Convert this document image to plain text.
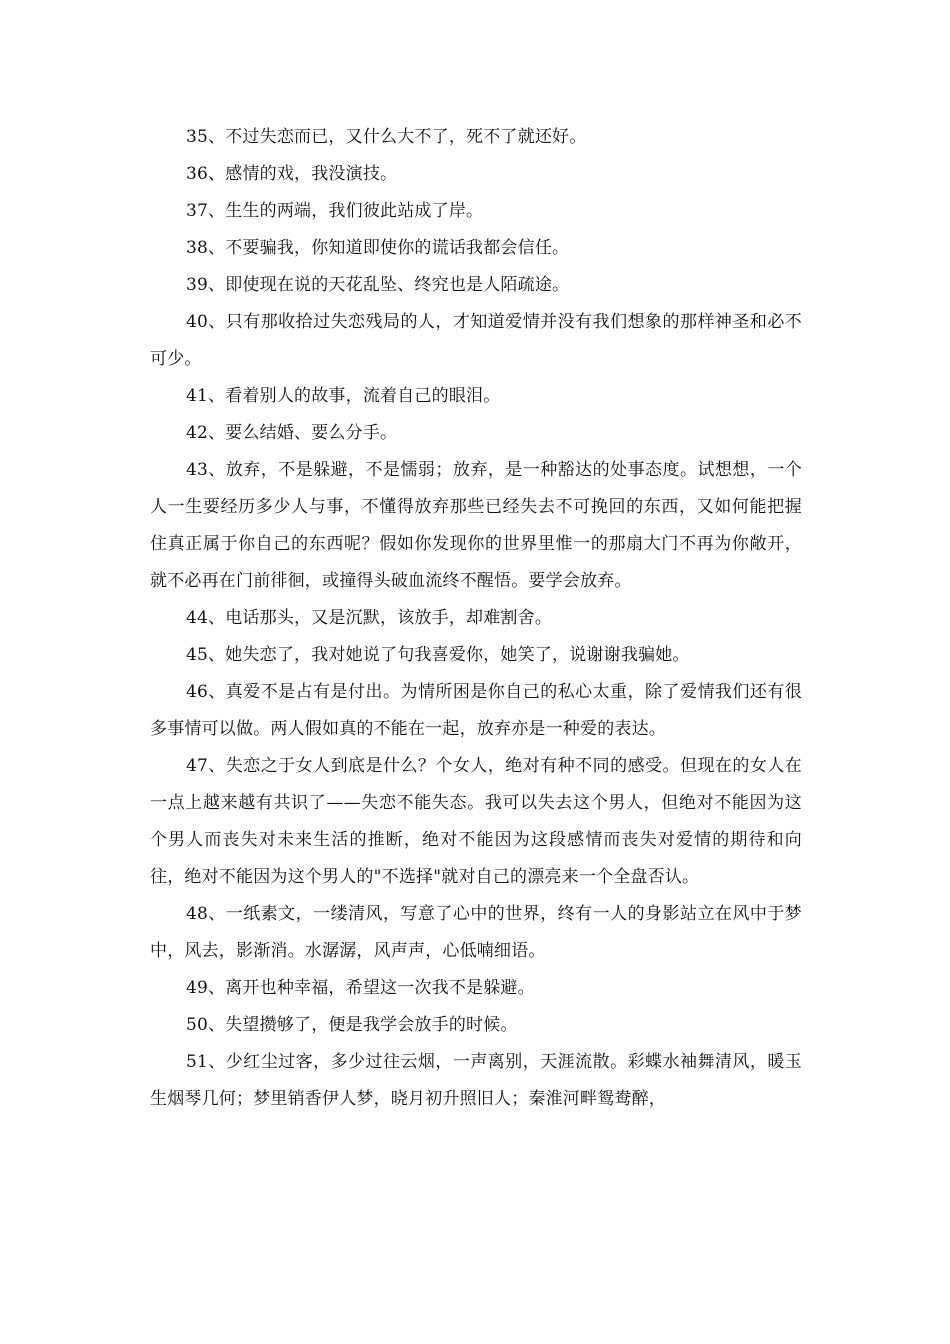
35、不过失恋而已，又什么大不了，死不了就还好。

36、感情的戏，我没演技。

37、生生的两端，我们彼此站成了岸。

38、不要骗我，你知道即使你的谎话我都会信任。

39、即使现在说的天花乱坠、终究也是人陌疏途。

40、只有那收拾过失恋残局的人，才知道爱情并没有我们想象的那样神圣和必不可少。

41、看着别人的故事，流着自己的眼泪。

42、要么结婚、要么分手。

43、放弃，不是躲避，不是懦弱；放弃，是一种豁达的处事态度。试想想，一个人一生要经历多少人与事，不懂得放弃那些已经失去不可挽回的东西，又如何能把握住真正属于你自己的东西呢？假如你发现你的世界里惟一的那扇大门不再为你敞开，就不必再在门前徘徊，或撞得头破血流终不醒悟。要学会放弃。

44、电话那头，又是沉默，该放手，却难割舍。

45、她失恋了，我对她说了句我喜爱你，她笑了，说谢谢我骗她。

46、真爱不是占有是付出。为情所困是你自己的私心太重，除了爱情我们还有很多事情可以做。两人假如真的不能在一起，放弃亦是一种爱的表达。

47、失恋之于女人到底是什么？个女人，绝对有种不同的感受。但现在的女人在一点上越来越有共识了——失恋不能失态。我可以失去这个男人，但绝对不能因为这个男人而丧失对未来生活的推断，绝对不能因为这段感情而丧失对爱情的期待和向往，绝对不能因为这个男人的"不选择"就对自己的漂亮来一个全盘否认。

48、一纸素文，一缕清风，写意了心中的世界，终有一人的身影站立在风中于梦中，风去，影渐消。水潺潺，风声声，心低喃细语。

49、离开也种幸福，希望这一次我不是躲避。

50、失望攒够了，便是我学会放手的时候。

51、少红尘过客，多少过往云烟，一声离别，天涯流散。彩蝶水袖舞清风，暖玉生烟琴几何；梦里销香伊人梦，晓月初升照旧人；秦淮河畔鸳鸯醉，
